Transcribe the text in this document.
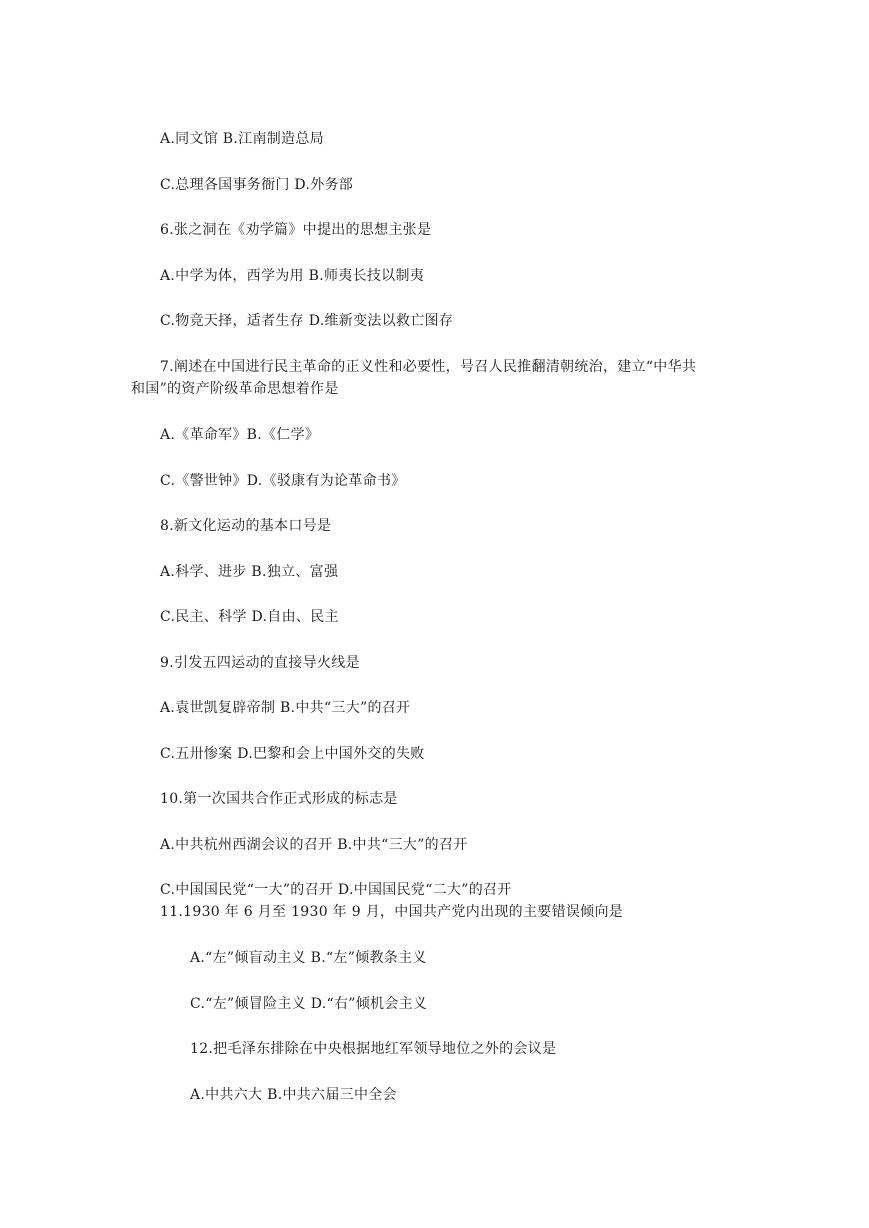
A.同文馆 B.江南制造总局
C.总理各国事务衙门 D.外务部
6.张之洞在《劝学篇》中提出的思想主张是
A.中学为体，西学为用 B.师夷长技以制夷
C.物竞天择，适者生存 D.维新变法以救亡图存
7.阐述在中国进行民主革命的正义性和必要性，号召人民推翻清朝统治，建立“中华共
和国”的资产阶级革命思想着作是
A.《革命军》B.《仁学》
C.《警世钟》D.《驳康有为论革命书》
8.新文化运动的基本口号是
A.科学、进步 B.独立、富强
C.民主、科学 D.自由、民主
9.引发五四运动的直接导火线是
A.袁世凯复辟帝制 B.中共“三大”的召开
C.五卅惨案 D.巴黎和会上中国外交的失败
10.第一次国共合作正式形成的标志是
A.中共杭州西湖会议的召开 B.中共“三大”的召开
C.中国国民党“一大”的召开 D.中国国民党“二大”的召开
11.1930 年 6 月至 1930 年 9 月，中国共产党内出现的主要错误倾向是
A.“左”倾盲动主义 B.“左”倾教条主义
C.“左”倾冒险主义 D.“右”倾机会主义
12.把毛泽东排除在中央根据地红军领导地位之外的会议是
A.中共六大 B.中共六届三中全会
